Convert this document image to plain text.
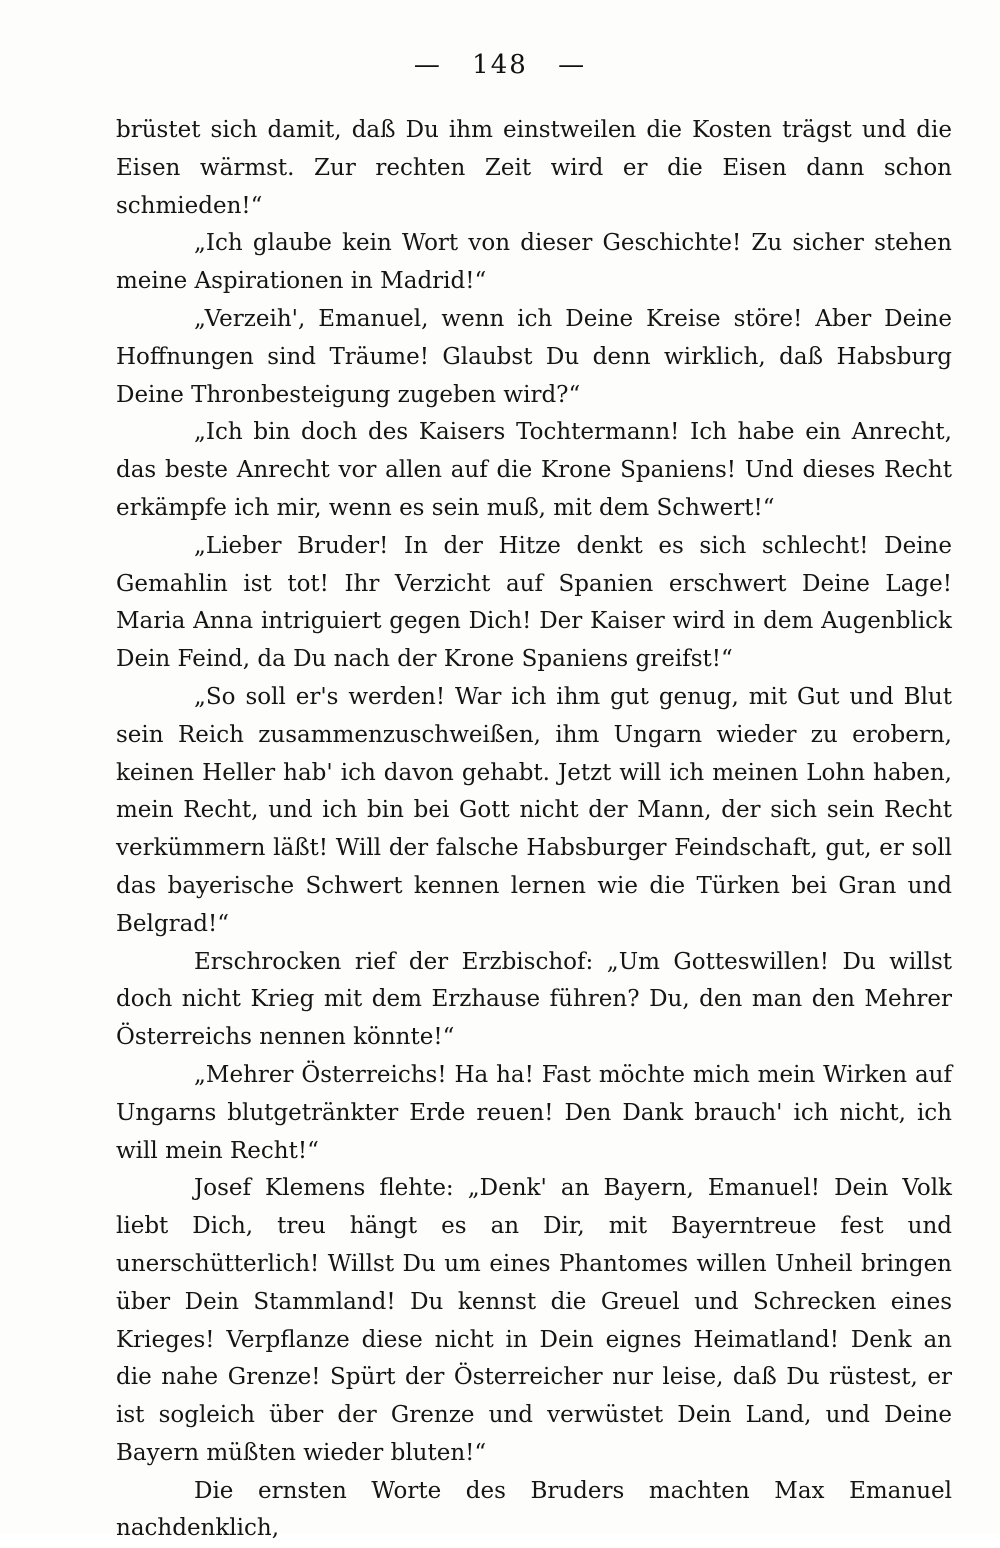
— 148 —

brüstet sich damit, daß Du ihm einstweilen die Kosten trägst und die Eisen wärmst. Zur rechten Zeit wird er die Eisen dann schon schmieden!“

„Ich glaube kein Wort von dieser Geschichte! Zu sicher stehen meine Aspirationen in Madrid!“

„Verzeih', Emanuel, wenn ich Deine Kreise störe! Aber Deine Hoffnungen sind Träume! Glaubst Du denn wirklich, daß Habsburg Deine Thronbesteigung zugeben wird?“

„Ich bin doch des Kaisers Tochtermann! Ich habe ein Anrecht, das beste Anrecht vor allen auf die Krone Spaniens! Und dieses Recht erkämpfe ich mir, wenn es sein muß, mit dem Schwert!“

„Lieber Bruder! In der Hitze denkt es sich schlecht! Deine Gemahlin ist tot! Ihr Verzicht auf Spanien erschwert Deine Lage! Maria Anna intriguiert gegen Dich! Der Kaiser wird in dem Augenblick Dein Feind, da Du nach der Krone Spaniens greifst!“

„So soll er's werden! War ich ihm gut genug, mit Gut und Blut sein Reich zusammenzuschweißen, ihm Ungarn wieder zu erobern, keinen Heller hab' ich davon gehabt. Jetzt will ich meinen Lohn haben, mein Recht, und ich bin bei Gott nicht der Mann, der sich sein Recht verkümmern läßt! Will der falsche Habsburger Feindschaft, gut, er soll das bayerische Schwert kennen lernen wie die Türken bei Gran und Belgrad!“

Erschrocken rief der Erzbischof: „Um Gotteswillen! Du willst doch nicht Krieg mit dem Erzhause führen? Du, den man den Mehrer Österreichs nennen könnte!“

„Mehrer Österreichs! Ha ha! Fast möchte mich mein Wirken auf Ungarns blutgetränkter Erde reuen! Den Dank brauch' ich nicht, ich will mein Recht!“

Josef Klemens flehte: „Denk' an Bayern, Emanuel! Dein Volk liebt Dich, treu hängt es an Dir, mit Bayerntreue fest und unerschütterlich! Willst Du um eines Phantomes willen Unheil bringen über Dein Stammland! Du kennst die Greuel und Schrecken eines Krieges! Verpflanze diese nicht in Dein eignes Heimatland! Denk an die nahe Grenze! Spürt der Österreicher nur leise, daß Du rüstest, er ist sogleich über der Grenze und verwüstet Dein Land, und Deine Bayern müßten wieder bluten!“

Die ernsten Worte des Bruders machten Max Emanuel nachdenklich,
